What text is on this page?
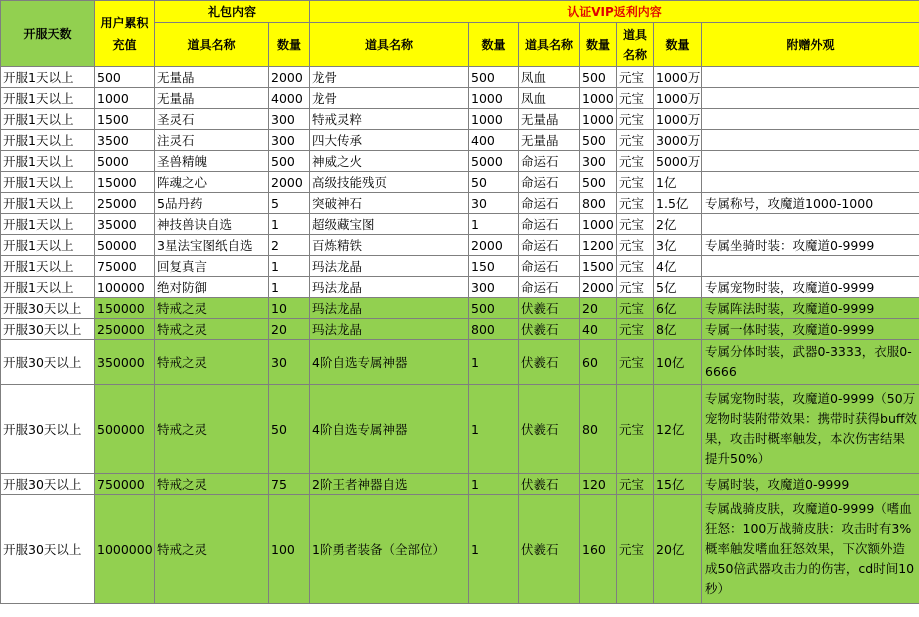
开服天数	用户累积充值	礼包内容		认证VIP返利内容						
		道具名称	数量	道具名称	数量	道具名称	数量	道具名称	数量	附赠外观
开服1天以上	500	无量晶	2000	龙骨	500	凤血	500	元宝	1000万	
开服1天以上	1000	无量晶	4000	龙骨	1000	凤血	1000	元宝	1000万	
开服1天以上	1500	圣灵石	300	特戒灵粹	1000	无量晶	1000	元宝	1000万	
开服1天以上	3500	注灵石	300	四大传承	400	无量晶	500	元宝	3000万	
开服1天以上	5000	圣兽精魄	500	神威之火	5000	命运石	300	元宝	5000万	
开服1天以上	15000	阵魂之心	2000	高级技能残页	50	命运石	500	元宝	1亿	
开服1天以上	25000	5品丹药	5	突破神石	30	命运石	800	元宝	1.5亿	专属称号，攻魔道1000-1000
开服1天以上	35000	神技兽诀自选	1	超级藏宝图	1	命运石	1000	元宝	2亿	
开服1天以上	50000	3星法宝图纸自选	2	百炼精铁	2000	命运石	1200	元宝	3亿	专属坐骑时装：攻魔道0-9999
开服1天以上	75000	回复真言	1	玛法龙晶	150	命运石	1500	元宝	4亿	
开服1天以上	100000	绝对防御	1	玛法龙晶	300	命运石	2000	元宝	5亿	专属宠物时装，攻魔道0-9999
开服30天以上	150000	特戒之灵	10	玛法龙晶	500	伏羲石	20	元宝	6亿	专属阵法时装，攻魔道0-9999
开服30天以上	250000	特戒之灵	20	玛法龙晶	800	伏羲石	40	元宝	8亿	专属一体时装，攻魔道0-9999
开服30天以上	350000	特戒之灵	30	4阶自选专属神器	1	伏羲石	60	元宝	10亿	专属分体时装，武器0-3333，衣服0-6666
开服30天以上	500000	特戒之灵	50	4阶自选专属神器	1	伏羲石	80	元宝	12亿	专属宠物时装，攻魔道0-9999（50万宠物时装附带效果：携带时获得buff效果，攻击时概率触发，本次伤害结果提升50%）
开服30天以上	750000	特戒之灵	75	2阶王者神器自选	1	伏羲石	120	元宝	15亿	专属时装，攻魔道0-9999
开服30天以上	1000000	特戒之灵	100	1阶勇者装备（全部位）	1	伏羲石	160	元宝	20亿	专属战骑皮肤，攻魔道0-9999（嗜血狂怒：100万战骑皮肤：攻击时有3%概率触发嗜血狂怒效果，下次额外造成50倍武器攻击力的伤害，cd时间10秒）
